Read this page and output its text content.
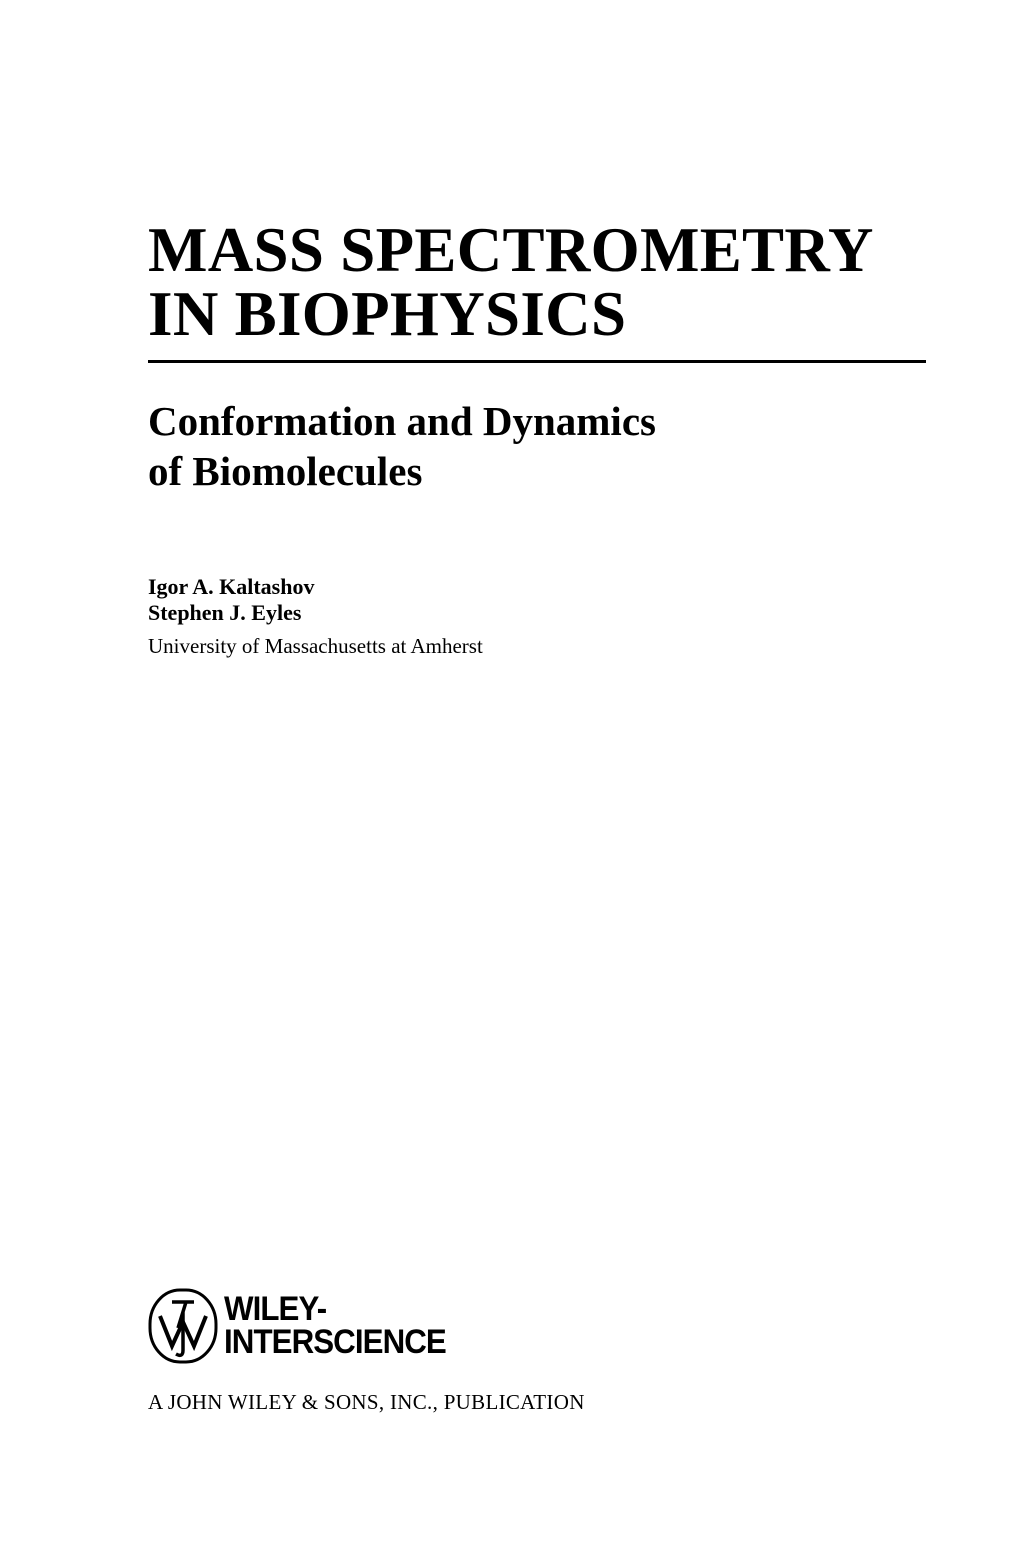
MASS SPECTROMETRY
IN BIOPHYSICS
Conformation and Dynamics
of Biomolecules
Igor A. Kaltashov
Stephen J. Eyles
University of Massachusetts at Amherst
WILEY-
INTERSCIENCE
A JOHN WILEY & SONS, INC., PUBLICATION
